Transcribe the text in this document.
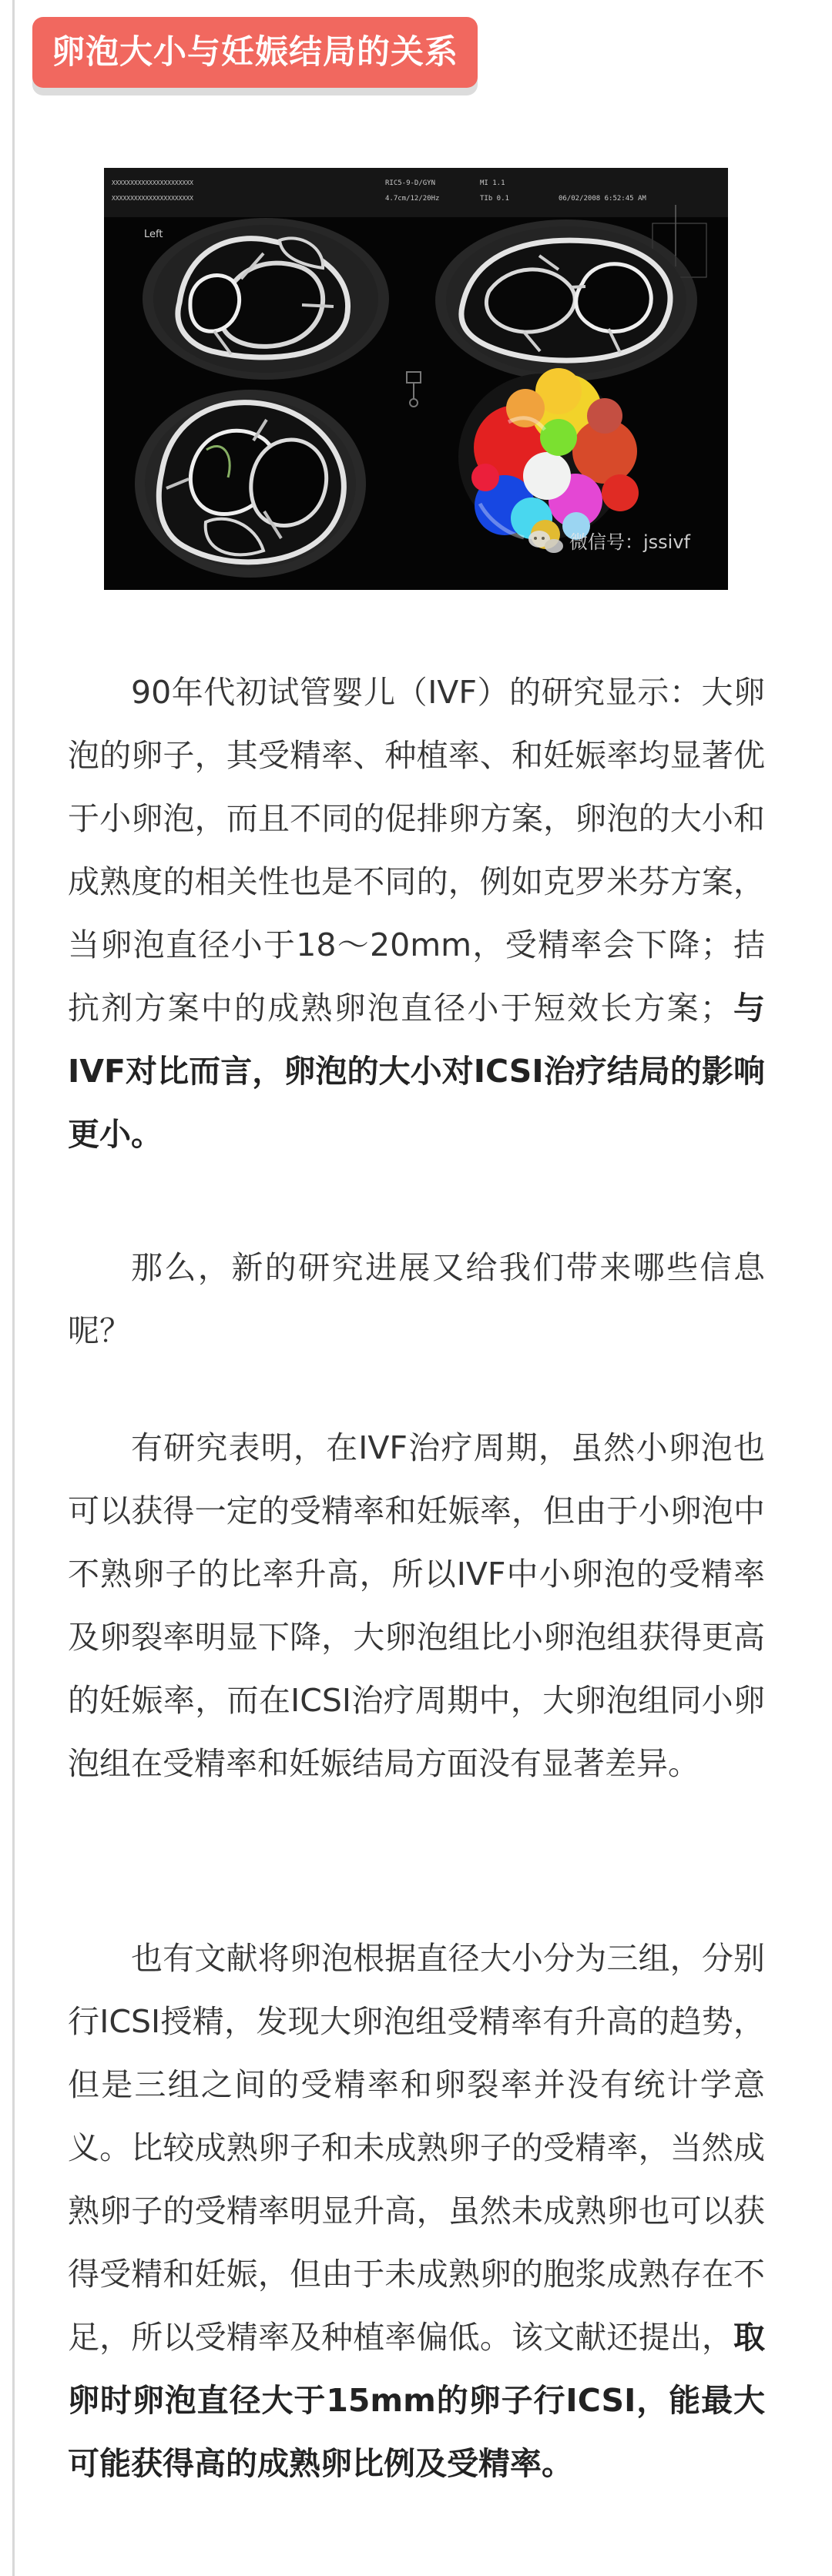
卵泡大小与妊娠结局的关系
XXXXXXXXXXXXXXXXXXXXXX
XXXXXXXXXXXXXXXXXXXXXX
RIC5-9-D/GYN
4.7cm/12/20Hz
MI 1.1
TIb 0.1	06/02/2008 6:52:45 AM
Left
微信号：jssivf

90年代初试管婴儿（IVF）的研究显示：大卵泡的卵子，其受精率、种植率、和妊娠率均显著优于小卵泡，而且不同的促排卵方案，卵泡的大小和成熟度的相关性也是不同的，例如克罗米芬方案，当卵泡直径小于18～20mm，受精率会下降；拮抗剂方案中的成熟卵泡直径小于短效长方案；与IVF对比而言，卵泡的大小对ICSI治疗结局的影响更小。

那么，新的研究进展又给我们带来哪些信息呢？

有研究表明，在IVF治疗周期，虽然小卵泡也可以获得一定的受精率和妊娠率，但由于小卵泡中不熟卵子的比率升高，所以IVF中小卵泡的受精率及卵裂率明显下降，大卵泡组比小卵泡组获得更高的妊娠率，而在ICSI治疗周期中，大卵泡组同小卵泡组在受精率和妊娠结局方面没有显著差异。

也有文献将卵泡根据直径大小分为三组，分别行ICSI授精，发现大卵泡组受精率有升高的趋势，但是三组之间的受精率和卵裂率并没有统计学意义。比较成熟卵子和未成熟卵子的受精率，当然成熟卵子的受精率明显升高，虽然未成熟卵也可以获得受精和妊娠，但由于未成熟卵的胞浆成熟存在不足，所以受精率及种植率偏低。该文献还提出，取卵时卵泡直径大于15mm的卵子行ICSI，能最大可能获得高的成熟卵比例及受精率。
